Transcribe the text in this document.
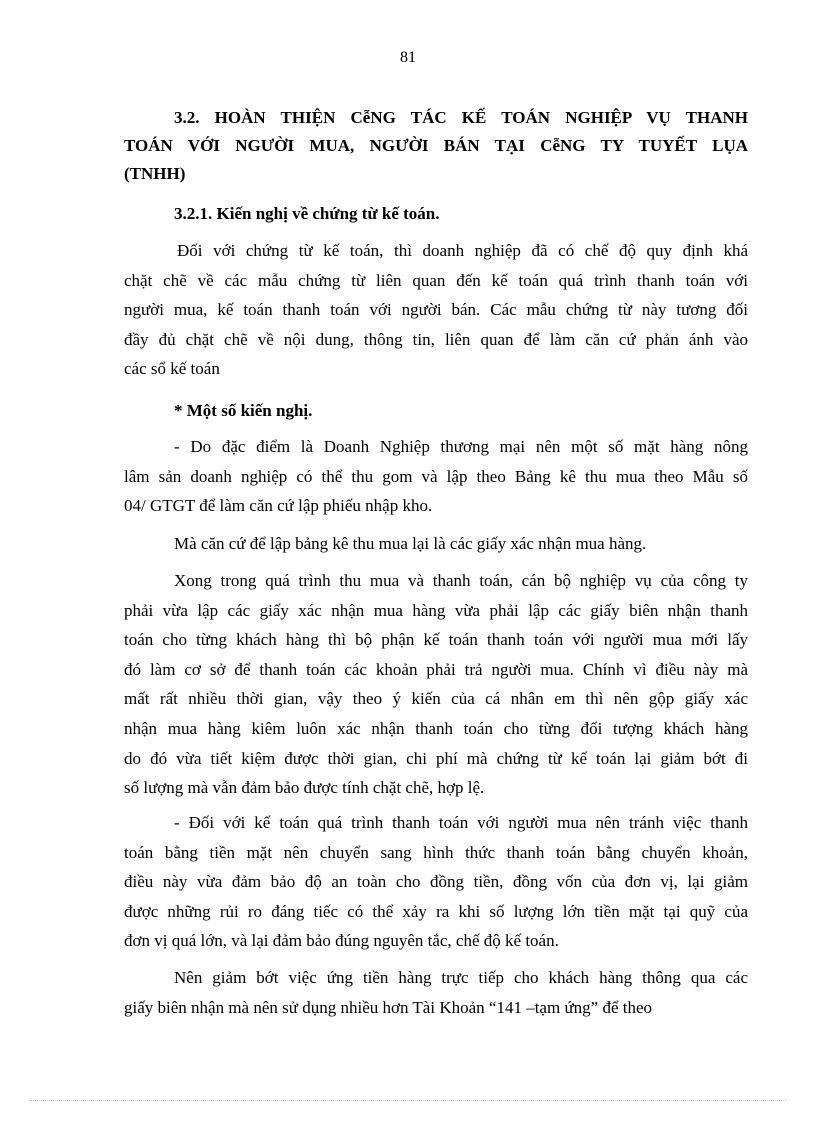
81
3.2. HOÀN THIỆN CễNG TÁC KẾ TOÁN NGHIỆP VỤ THANH
TOÁN VỚI NGƯỜI MUA, NGƯỜI BÁN TẠI CễNG TY TUYẾT LỤA
(TNHH)
3.2.1. Kiến nghị về chứng từ kế toán.
Đối với chứng từ kế toán, thì doanh nghiệp đã có chế độ quy định khá
chặt chẽ về các mẫu chứng từ liên quan đến kế toán quá trình thanh toán với
người mua, kế toán thanh toán với người bán. Các mẫu chứng từ này tương đối
đầy đủ chặt chẽ về nội dung, thông tin, liên quan để làm căn cứ phản ánh vào
các sổ kế toán
* Một số kiến nghị.
- Do đặc điểm là Doanh Nghiệp thương mại nên một số mặt hàng nông
lâm sản doanh nghiệp có thể thu gom và lập theo Bảng kê thu mua theo Mẫu số
04/ GTGT để làm căn cứ lập phiếu nhập kho.
Mà căn cứ để lập bảng kê thu mua lại là các giấy xác nhận mua hàng.
Xong trong quá trình thu mua và thanh toán, cán bộ nghiệp vụ của công ty
phải vừa lập các giấy xác nhận mua hàng vừa phải lập các giấy biên nhận thanh
toán cho từng khách hàng thì bộ phận kế toán thanh toán với người mua mới lấy
đó làm cơ sở để thanh toán các khoản phải trả người mua. Chính vì điều này mà
mất rất nhiều thời gian, vậy theo ý kiến của cá nhân em thì nên gộp giấy xác
nhận mua hàng kiêm luôn xác nhận thanh toán cho từng đối tượng khách hàng
do đó vừa tiết kiệm được thời gian, chi phí mà chứng từ kế toán lại giảm bớt đi
số lượng mà vẫn đảm bảo được tính chặt chẽ, hợp lệ.
- Đối với kế toán quá trình thanh toán với người mua nên tránh việc thanh
toán bằng tiền mặt nên chuyển sang hình thức thanh toán bằng chuyển khoản,
điều này vừa đảm bảo độ an toàn cho đồng tiền, đồng vốn của đơn vị, lại giảm
được những rủi ro đáng tiếc có thể xảy ra khi số lượng lớn tiền mặt tại quỹ của
đơn vị quá lớn, và lại đảm bảo đúng nguyên tắc, chế độ kế toán.
Nên giảm bớt việc ứng tiền hàng trực tiếp cho khách hàng thông qua các
giấy biên nhận mà nên sử dụng nhiều hơn Tài Khoản “141 –tạm ứng” để theo
